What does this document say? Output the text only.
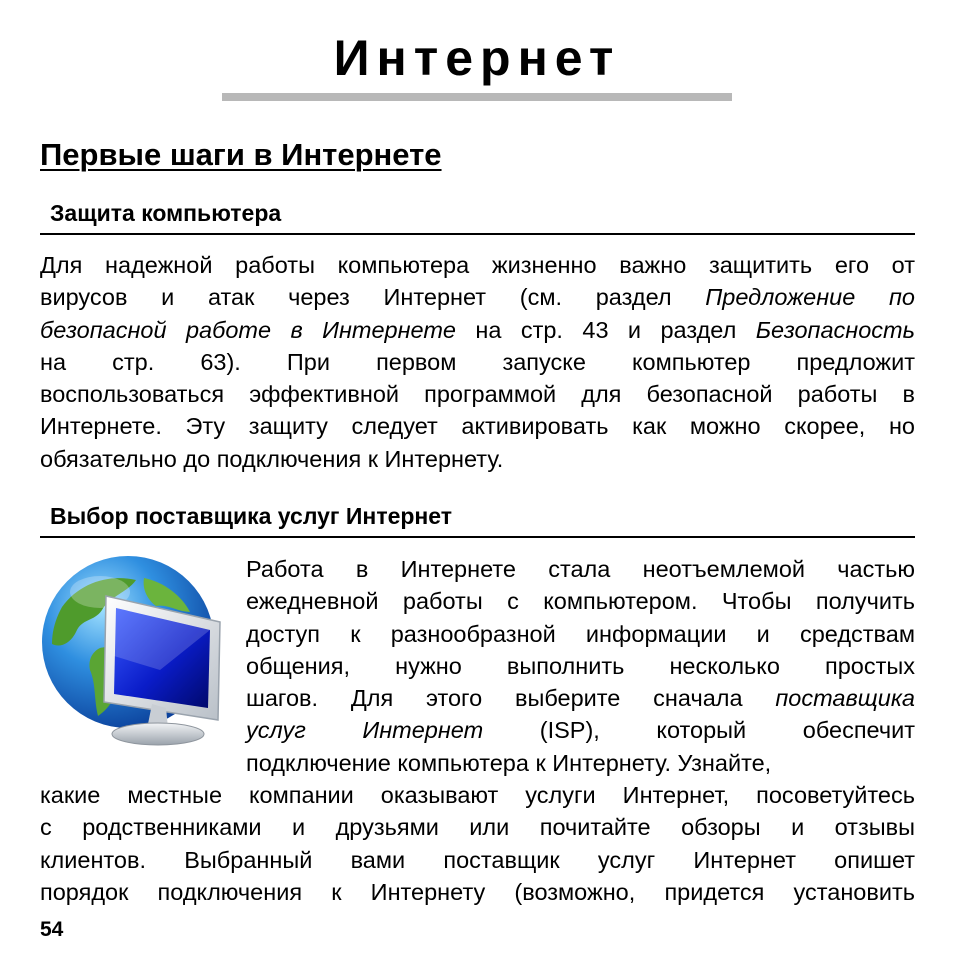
Интернет
Первые шаги в Интернете
Защита компьютера
Для надежной работы компьютера жизненно важно защитить его от
вирусов и атак через Интернет (см. раздел Предложение по
безопасной работе в Интернете на стр. 43 и раздел Безопасность
на стр. 63). При первом запуске компьютер предложит
воспользоваться эффективной программой для безопасной работы в
Интернете. Эту защиту следует активировать как можно скорее, но
обязательно до подключения к Интернету.
Выбор поставщика услуг Интернет
Работа в Интернете стала неотъемлемой частью
ежедневной работы с компьютером. Чтобы получить
доступ к разнообразной информации и средствам
общения, нужно выполнить несколько простых
шагов. Для этого выберите сначала поставщика
услуг Интернет (ISP), который обеспечит
подключение компьютера к Интернету. Узнайте,
какие местные компании оказывают услуги Интернет, посоветуйтесь
с родственниками и друзьями или почитайте обзоры и отзывы
клиентов. Выбранный вами поставщик услуг Интернет опишет
порядок подключения к Интернету (возможно, придется установить
54
